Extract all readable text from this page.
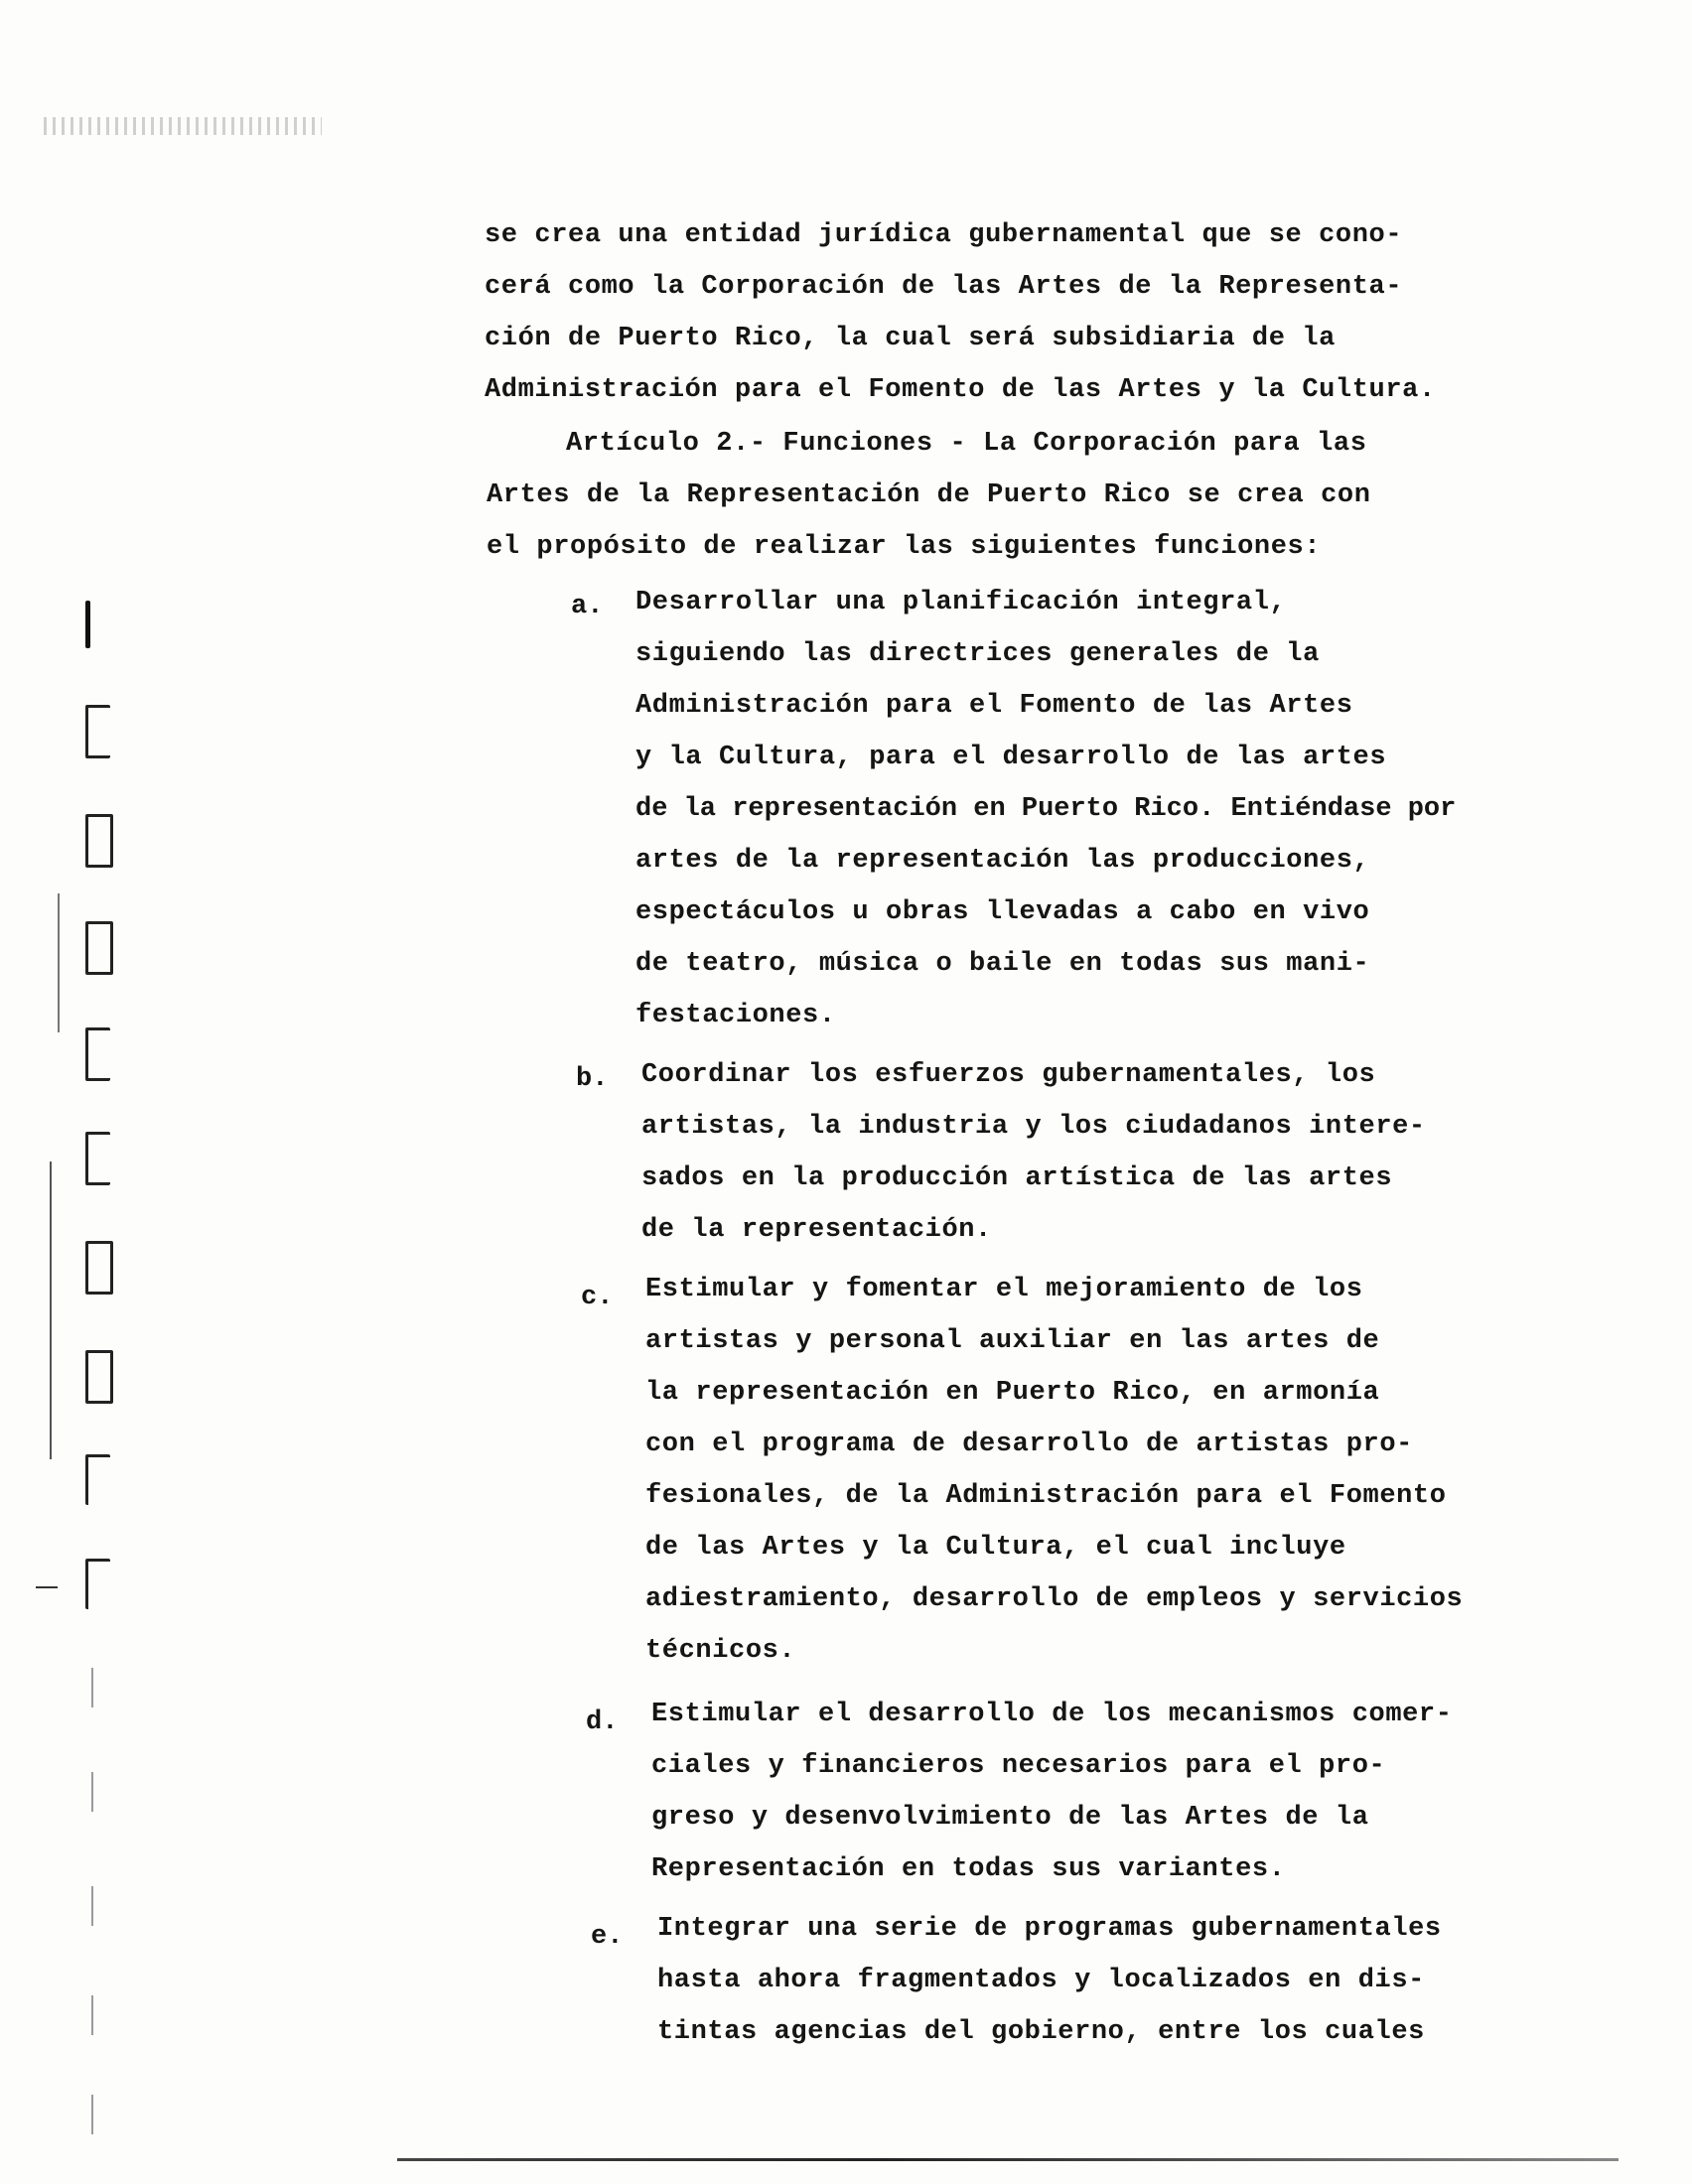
se crea una entidad jurídica gubernamental que se cono-
cerá como la Corporación de las Artes de la Representa-
ción de Puerto Rico, la cual será subsidiaria de la
Administración para el Fomento de las Artes y la Cultura.
Artículo 2.- Funciones - La Corporación para las
Artes de la Representación de Puerto Rico se crea con
el propósito de realizar las siguientes funciones:
a. Desarrollar una planificación integral,
siguiendo las directrices generales de la
Administración para el Fomento de las Artes
y la Cultura, para el desarrollo de las artes
de la representación en Puerto Rico. Entiéndase por
artes de la representación las producciones,
espectáculos u obras llevadas a cabo en vivo
de teatro, música o baile en todas sus mani-
festaciones.
b. Coordinar los esfuerzos gubernamentales, los
artistas, la industria y los ciudadanos intere-
sados en la producción artística de las artes
de la representación.
c. Estimular y fomentar el mejoramiento de los
artistas y personal auxiliar en las artes de
la representación en Puerto Rico, en armonía
con el programa de desarrollo de artistas pro-
fesionales, de la Administración para el Fomento
de las Artes y la Cultura, el cual incluye
adiestramiento, desarrollo de empleos y servicios
técnicos.
d. Estimular el desarrollo de los mecanismos comer-
ciales y financieros necesarios para el pro-
greso y desenvolvimiento de las Artes de la
Representación en todas sus variantes.
e. Integrar una serie de programas gubernamentales
hasta ahora fragmentados y localizados en dis-
tintas agencias del gobierno, entre los cuales
